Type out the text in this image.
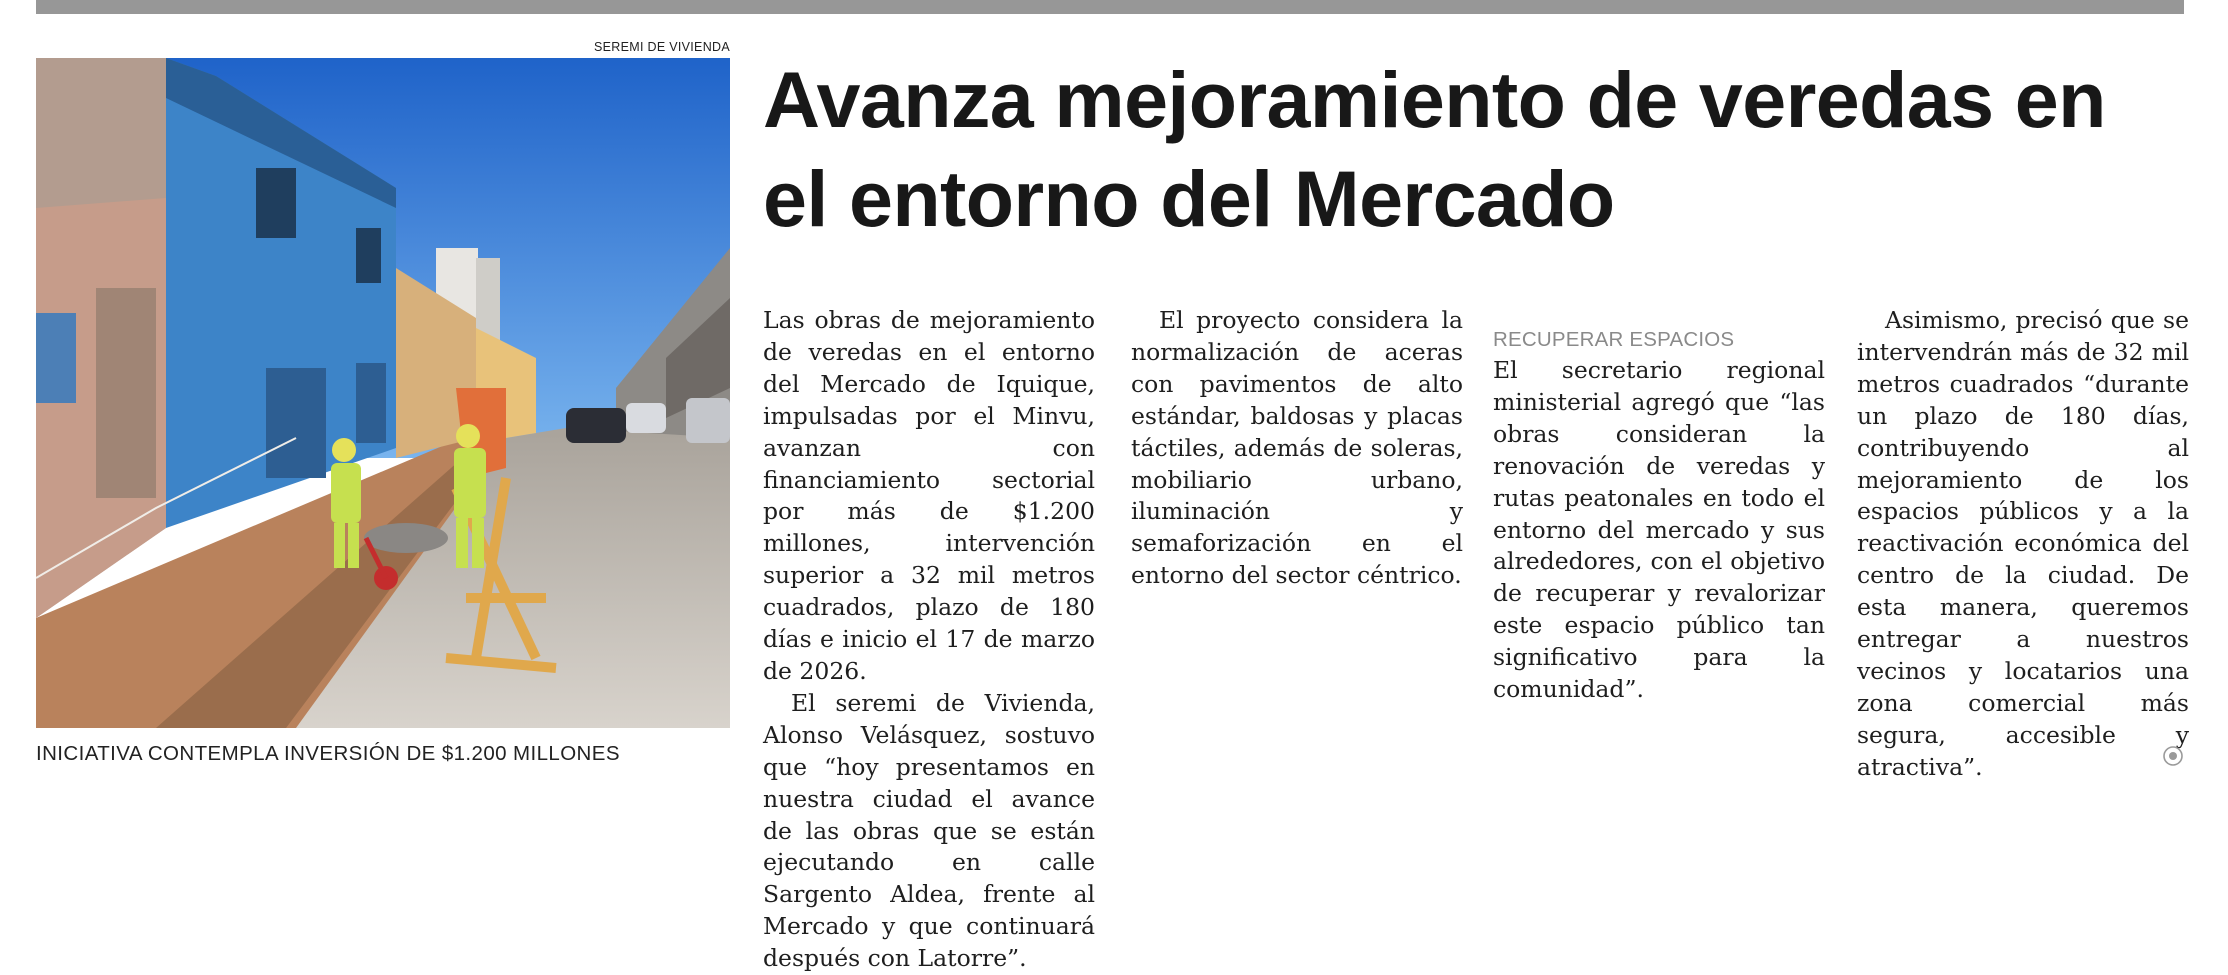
SEREMI DE VIVIENDA
INICIATIVA CONTEMPLA INVERSIÓN DE $1.200 MILLONES
Avanza mejoramiento de veredas en el entorno del Mercado

Las obras de mejoramiento de veredas en el entorno del Mercado de Iquique, impulsadas por el Minvu, avanzan con financiamiento sectorial por más de $1.200 millones, intervención superior a 32 mil metros cuadrados, plazo de 180 días e inicio el 17 de marzo de 2026.

El seremi de Vivienda, Alonso Velásquez, sostuvo que “hoy presentamos en nuestra ciudad el avance de las obras que se están ejecutando en calle Sargento Aldea, frente al Mercado y que continuará después con Latorre”.

El proyecto considera la normalización de aceras con pavimentos de alto estándar, baldosas y placas táctiles, además de soleras, mobiliario urbano, iluminación y semaforización en el entorno del sector céntrico.

RECUPERAR ESPACIOS

El secretario regional ministerial agregó que “las obras consideran la renovación de veredas y rutas peatonales en todo el entorno del mercado y sus alrededores, con el objetivo de recuperar y revalorizar este espacio público tan significativo para la comunidad”.

Asimismo, precisó que se intervendrán más de 32 mil metros cuadrados “durante un plazo de 180 días, contribuyendo al mejoramiento de los espacios públicos y a la reactivación económica del centro de la ciudad. De esta manera, queremos entregar a nuestros vecinos y locatarios una zona comercial más segura, accesible y atractiva”.
